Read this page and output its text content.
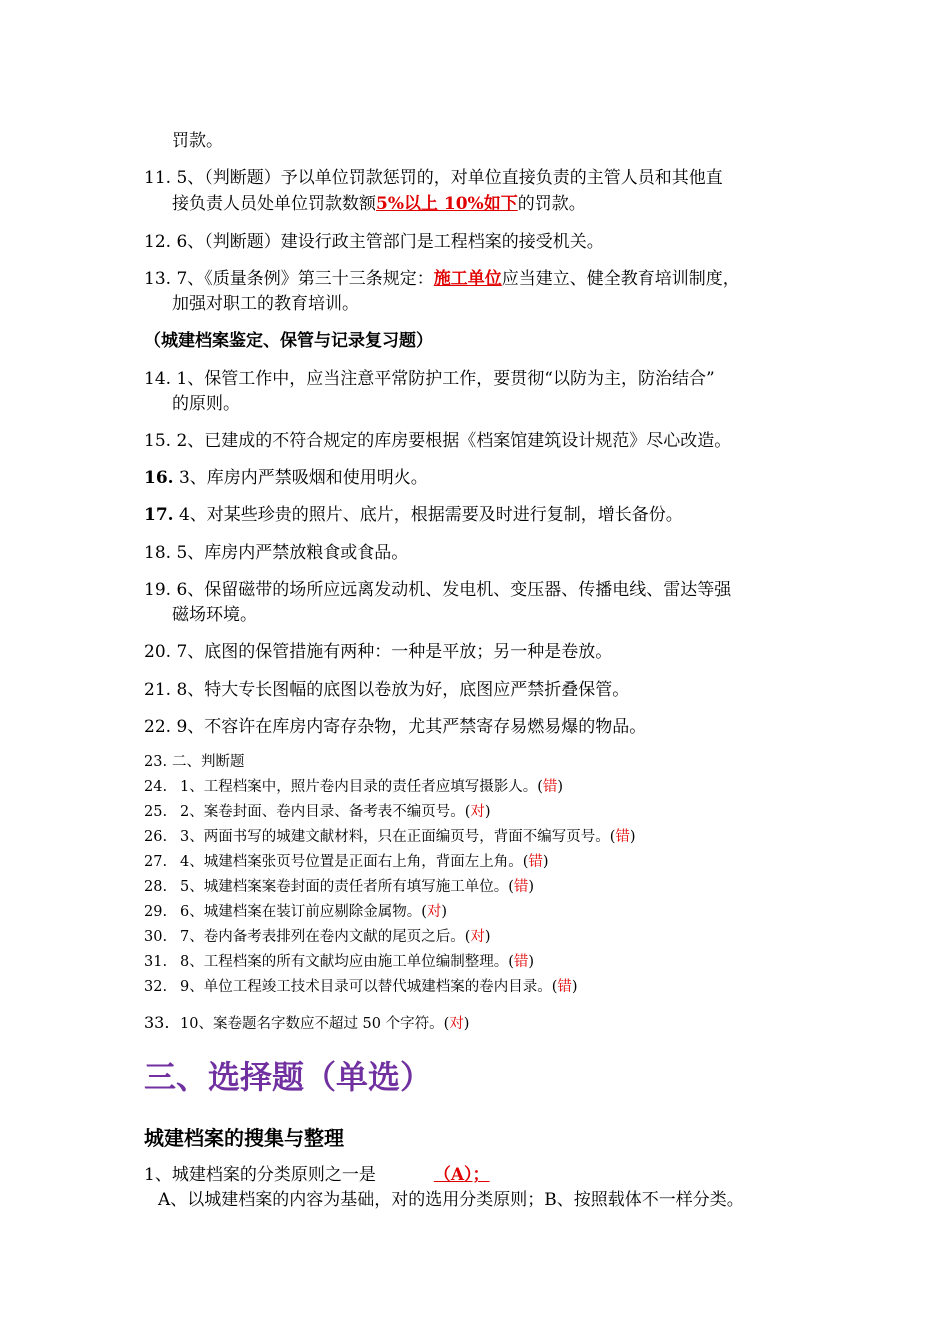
罚款。
11. 5、（判断题）予以单位罚款惩罚的，对单位直接负责的主管人员和其他直
接负责人员处单位罚款数额5%以上 10%如下的罚款。
12. 6、（判断题）建设行政主管部门是工程档案的接受机关。
13. 7、《质量条例》第三十三条规定：施工单位应当建立、健全教育培训制度，
加强对职工的教育培训。
（城建档案鉴定、保管与记录复习题）
14. 1、保管工作中，应当注意平常防护工作，要贯彻“以防为主，防治结合”
的原则。
15. 2、已建成的不符合规定的库房要根据《档案馆建筑设计规范》尽心改造。
16. 3、库房内严禁吸烟和使用明火。
17. 4、对某些珍贵的照片、底片，根据需要及时进行复制，增长备份。
18. 5、库房内严禁放粮食或食品。
19. 6、保留磁带的场所应远离发动机、发电机、变压器、传播电线、雷达等强
磁场环境。
20. 7、底图的保管措施有两种：一种是平放；另一种是卷放。
21. 8、特大专长图幅的底图以卷放为好，底图应严禁折叠保管。
22. 9、不容许在库房内寄存杂物，尤其严禁寄存易燃易爆的物品。
23. 二、判断题
24. 1、工程档案中，照片卷内目录的责任者应填写摄影人。(错)
25. 2、案卷封面、卷内目录、备考表不编页号。(对)
26. 3、两面书写的城建文献材料，只在正面编页号，背面不编写页号。(错)
27. 4、城建档案张页号位置是正面右上角，背面左上角。(错)
28. 5、城建档案案卷封面的责任者所有填写施工单位。(错)
29. 6、城建档案在装订前应剔除金属物。(对)
30. 7、卷内备考表排列在卷内文献的尾页之后。(对)
31. 8、工程档案的所有文献均应由施工单位编制整理。(错)
32. 9、单位工程竣工技术目录可以替代城建档案的卷内目录。(错)
33. 10、案卷题名字数应不超过 50 个字符。(对)
三、选择题（单选）
城建档案的搜集与整理
1、城建档案的分类原则之一是	（A）；
A、以城建档案的内容为基础，对的选用分类原则；B、按照载体不一样分类。
